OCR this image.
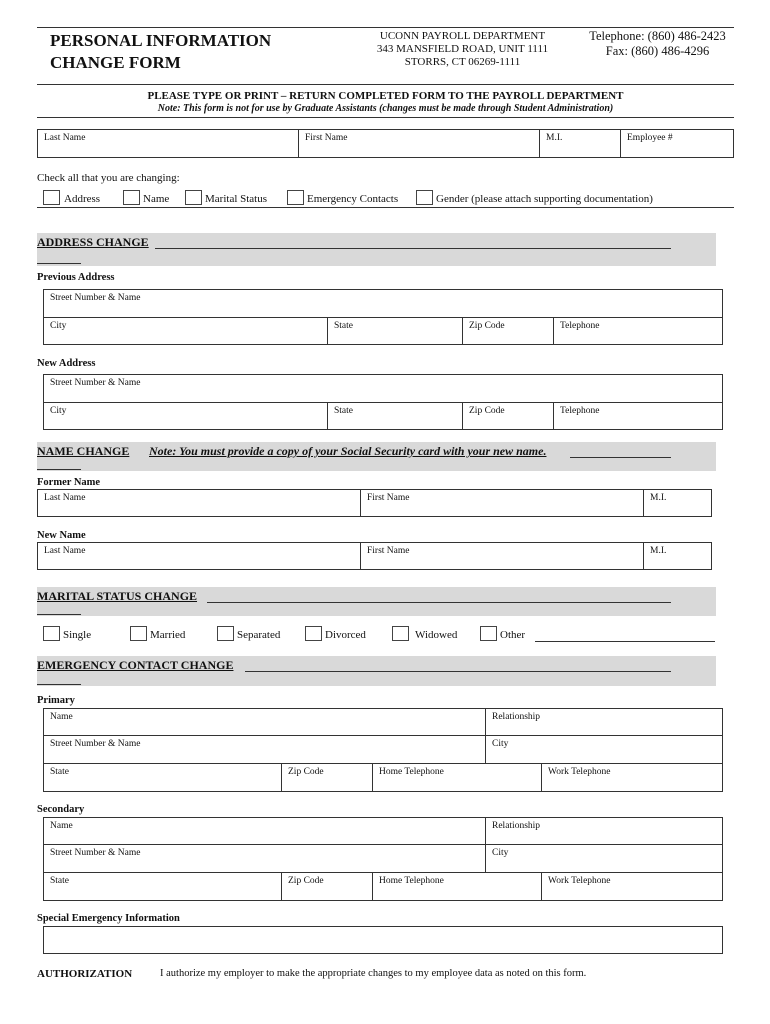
PERSONAL INFORMATION
CHANGE FORM
UCONN PAYROLL DEPARTMENT
343 MANSFIELD ROAD, UNIT 1111
STORRS, CT 06269-1111
Telephone: (860) 486-2423
Fax: (860) 486-4296
PLEASE TYPE OR PRINT – RETURN COMPLETED FORM TO THE PAYROLL DEPARTMENT
Note: This form is not for use by Graduate Assistants (changes must be made through Student Administration)
Last Name	First Name	M.I.	Employee #
Check all that you are changing:
Address	Name	Marital Status	Emergency Contacts	Gender (please attach supporting documentation)
ADDRESS CHANGE
Previous Address
Street Number & Name
City	State	Zip Code	Telephone
New Address
Street Number & Name
City	State	Zip Code	Telephone
NAME CHANGE Note: You must provide a copy of your Social Security card with your new name.
Former Name
Last Name	First Name	M.I.
New Name
Last Name	First Name	M.I.
MARITAL STATUS CHANGE
Single	Married	Separated	Divorced	Widowed	Other
EMERGENCY CONTACT CHANGE
Primary
Name	Relationship
Street Number & Name	City
State	Zip Code	Home Telephone	Work Telephone
Secondary
Name	Relationship
Street Number & Name	City
State	Zip Code	Home Telephone	Work Telephone
Special Emergency Information
AUTHORIZATION	I authorize my employer to make the appropriate changes to my employee data as noted on this form.
